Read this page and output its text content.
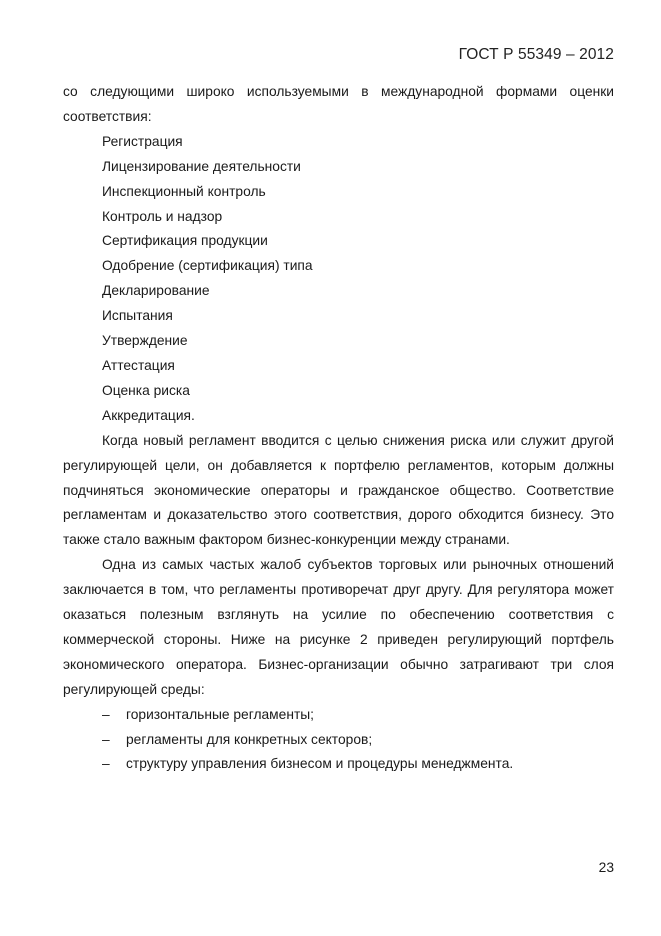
ГОСТ Р 55349 – 2012

со следующими широко используемыми в международной формами оценки соответствия:

Регистрация

Лицензирование деятельности

Инспекционный контроль

Контроль и надзор

Сертификация продукции

Одобрение (сертификация) типа

Декларирование

Испытания

Утверждение

Аттестация

Оценка риска

Аккредитация.

Когда новый регламент вводится с целью снижения риска или служит другой регулирующей цели, он добавляется к портфелю регламентов, которым должны подчиняться экономические операторы и гражданское общество. Соответствие регламентам и доказательство этого соответствия, дорого обходится бизнесу. Это также стало важным фактором бизнес-конкуренции между странами.

Одна из самых частых жалоб субъектов торговых или рыночных отношений заключается в том, что регламенты противоречат друг другу. Для регулятора может оказаться полезным взглянуть на усилие по обеспечению соответствия с коммерческой стороны. Ниже на рисунке 2 приведен регулирующий портфель экономического оператора. Бизнес-организации обычно затрагивают три слоя регулирующей среды:

–	горизонтальные регламенты;

–	регламенты для конкретных секторов;

–	структуру управления бизнесом и процедуры менеджмента.

23
